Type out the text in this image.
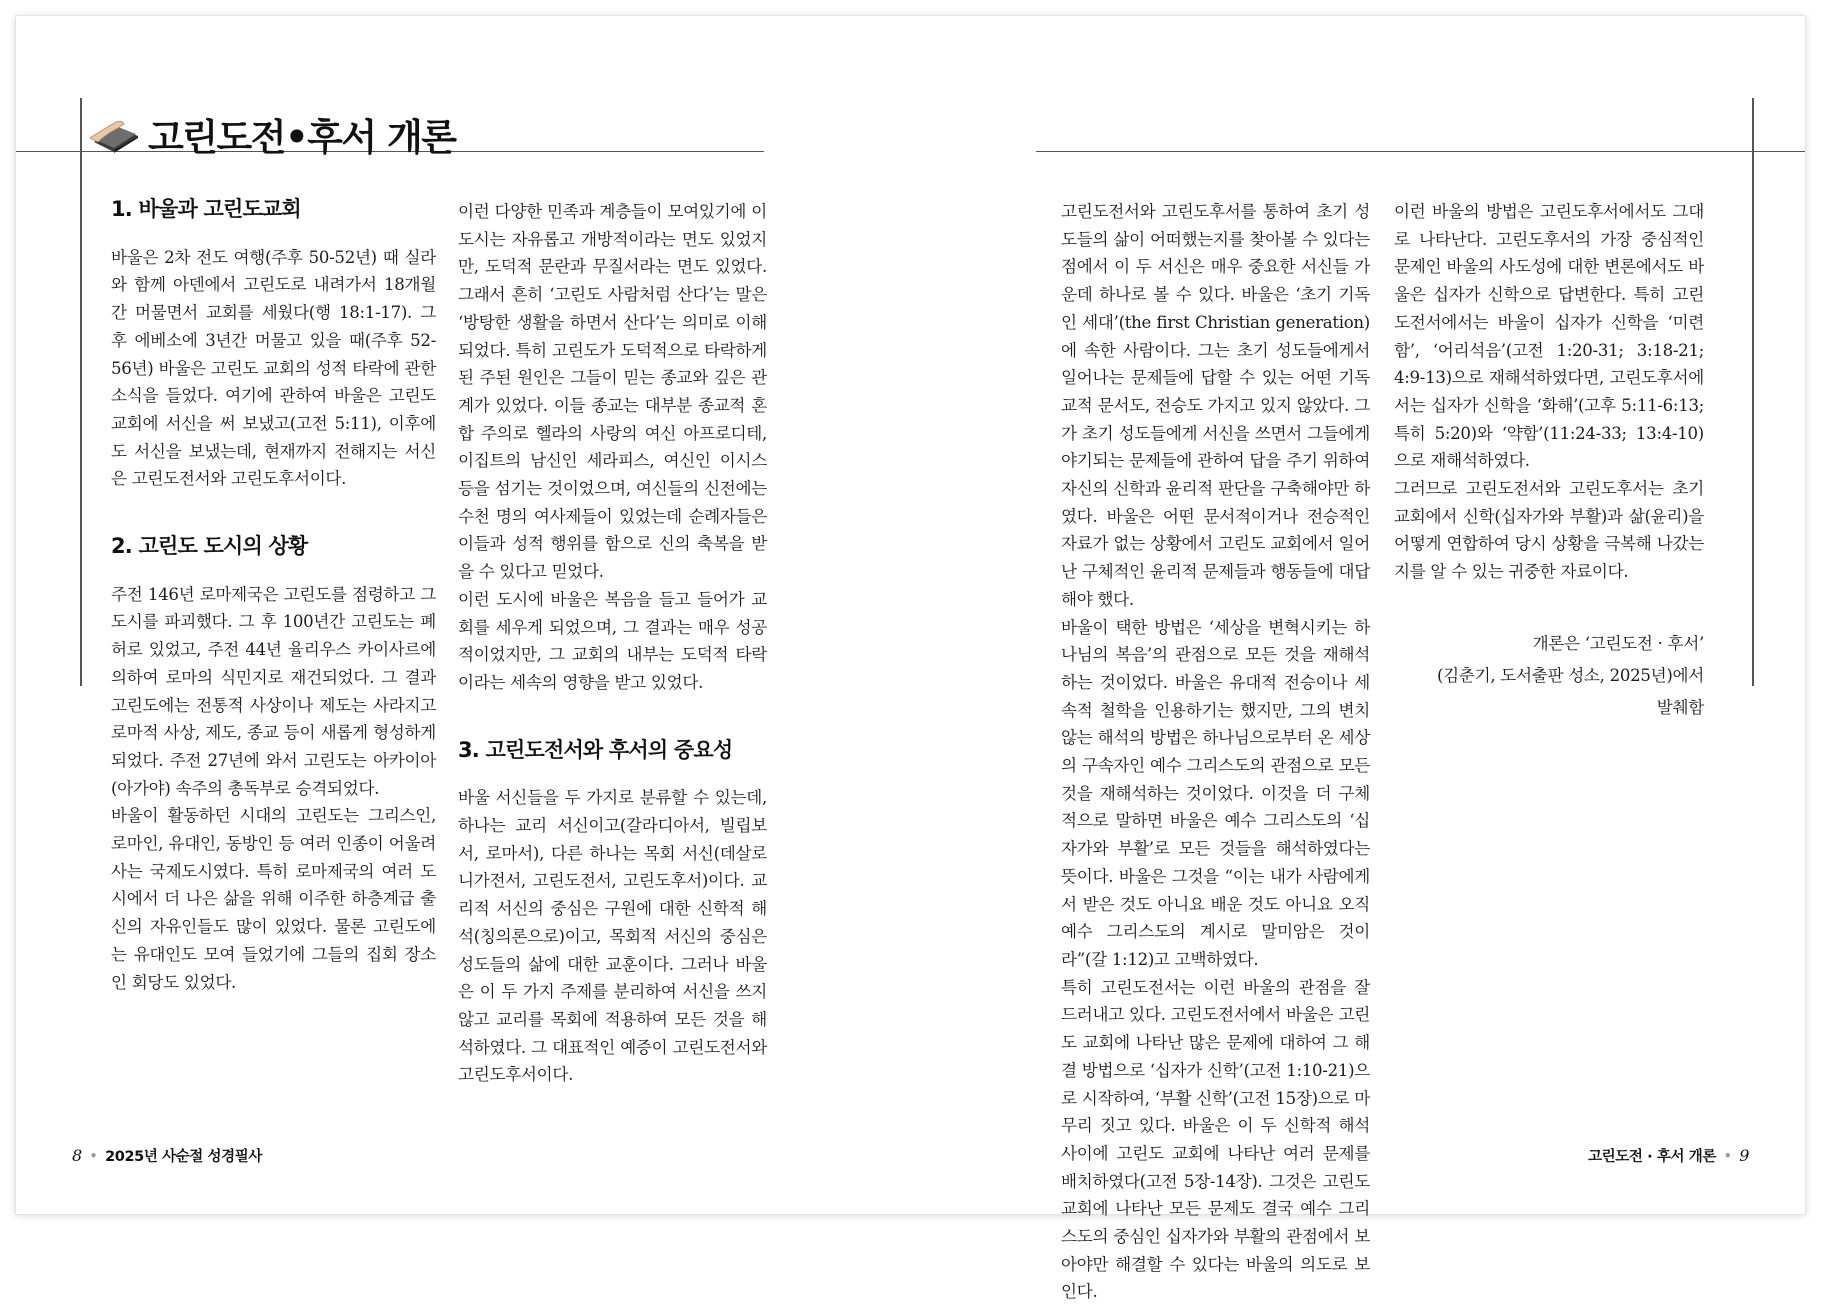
고린도전•후서 개론
1. 바울과 고린도교회

바울은 2차 전도 여행(주후 50-52년) 때 실라와 함께 아덴에서 고린도로 내려가서 18개월간 머물면서 교회를 세웠다(행 18:1-17). 그 후 에베소에 3년간 머물고 있을 때(주후 52-56년) 바울은 고린도 교회의 성적 타락에 관한 소식을 들었다. 여기에 관하여 바울은 고린도 교회에 서신을 써 보냈고(고전 5:11), 이후에도 서신을 보냈는데, 현재까지 전해지는 서신은 고린도전서와 고린도후서이다.

2. 고린도 도시의 상황

주전 146년 로마제국은 고린도를 점령하고 그 도시를 파괴했다. 그 후 100년간 고린도는 폐허로 있었고, 주전 44년 율리우스 카이사르에 의하여 로마의 식민지로 재건되었다. 그 결과 고린도에는 전통적 사상이나 제도는 사라지고 로마적 사상, 제도, 종교 등이 새롭게 형성하게 되었다. 주전 27년에 와서 고린도는 아카이아(아가야) 속주의 총독부로 승격되었다.

바울이 활동하던 시대의 고린도는 그리스인, 로마인, 유대인, 동방인 등 여러 인종이 어울려 사는 국제도시였다. 특히 로마제국의 여러 도시에서 더 나은 삶을 위해 이주한 하층계급 출신의 자유인들도 많이 있었다. 물론 고린도에는 유대인도 모여 들었기에 그들의 집회 장소인 회당도 있었다.

이런 다양한 민족과 계층들이 모여있기에 이 도시는 자유롭고 개방적이라는 면도 있었지만, 도덕적 문란과 무질서라는 면도 있었다. 그래서 흔히 ‘고린도 사람처럼 산다’는 말은 ‘방탕한 생활을 하면서 산다’는 의미로 이해되었다. 특히 고린도가 도덕적으로 타락하게 된 주된 원인은 그들이 믿는 종교와 깊은 관계가 있었다. 이들 종교는 대부분 종교적 혼합 주의로 헬라의 사랑의 여신 아프로디테, 이집트의 남신인 세라피스, 여신인 이시스 등을 섬기는 것이었으며, 여신들의 신전에는 수천 명의 여사제들이 있었는데 순례자들은 이들과 성적 행위를 함으로 신의 축복을 받을 수 있다고 믿었다.

이런 도시에 바울은 복음을 들고 들어가 교회를 세우게 되었으며, 그 결과는 매우 성공적이었지만, 그 교회의 내부는 도덕적 타락이라는 세속의 영향을 받고 있었다.

3. 고린도전서와 후서의 중요성

바울 서신들을 두 가지로 분류할 수 있는데, 하나는 교리 서신이고(갈라디아서, 빌립보서, 로마서), 다른 하나는 목회 서신(데살로니가전서, 고린도전서, 고린도후서)이다. 교리적 서신의 중심은 구원에 대한 신학적 해석(칭의론으로)이고, 목회적 서신의 중심은 성도들의 삶에 대한 교훈이다. 그러나 바울은 이 두 가지 주제를 분리하여 서신을 쓰지 않고 교리를 목회에 적용하여 모든 것을 해석하였다. 그 대표적인 예증이 고린도전서와 고린도후서이다.

8 • 2025년 사순절 성경필사

고린도전서와 고린도후서를 통하여 초기 성도들의 삶이 어떠했는지를 찾아볼 수 있다는 점에서 이 두 서신은 매우 중요한 서신들 가운데 하나로 볼 수 있다. 바울은 ‘초기 기독인 세대’(the first Christian generation)에 속한 사람이다. 그는 초기 성도들에게서 일어나는 문제들에 답할 수 있는 어떤 기독교적 문서도, 전승도 가지고 있지 않았다. 그가 초기 성도들에게 서신을 쓰면서 그들에게 야기되는 문제들에 관하여 답을 주기 위하여 자신의 신학과 윤리적 판단을 구축해야만 하였다. 바울은 어떤 문서적이거나 전승적인 자료가 없는 상황에서 고린도 교회에서 일어난 구체적인 윤리적 문제들과 행동들에 대답해야 했다.

바울이 택한 방법은 ‘세상을 변혁시키는 하나님의 복음’의 관점으로 모든 것을 재해석하는 것이었다. 바울은 유대적 전승이나 세속적 철학을 인용하기는 했지만, 그의 변치 않는 해석의 방법은 하나님으로부터 온 세상의 구속자인 예수 그리스도의 관점으로 모든 것을 재해석하는 것이었다. 이것을 더 구체적으로 말하면 바울은 예수 그리스도의 ‘십자가와 부활’로 모든 것들을 해석하였다는 뜻이다. 바울은 그것을 “이는 내가 사람에게서 받은 것도 아니요 배운 것도 아니요 오직 예수 그리스도의 계시로 말미암은 것이라”(갈 1:12)고 고백하였다.

특히 고린도전서는 이런 바울의 관점을 잘 드러내고 있다. 고린도전서에서 바울은 고린도 교회에 나타난 많은 문제에 대하여 그 해결 방법으로 ‘십자가 신학’(고전 1:10-21)으로 시작하여, ‘부활 신학’(고전 15장)으로 마무리 짓고 있다. 바울은 이 두 신학적 해석 사이에 고린도 교회에 나타난 여러 문제를 배치하였다(고전 5장-14장). 그것은 고린도 교회에 나타난 모든 문제도 결국 예수 그리스도의 중심인 십자가와 부활의 관점에서 보아야만 해결할 수 있다는 바울의 의도로 보인다.

이런 바울의 방법은 고린도후서에서도 그대로 나타난다. 고린도후서의 가장 중심적인 문제인 바울의 사도성에 대한 변론에서도 바울은 십자가 신학으로 답변한다. 특히 고린도전서에서는 바울이 십자가 신학을 ‘미련함’, ‘어리석음’(고전 1:20-31; 3:18-21; 4:9-13)으로 재해석하였다면, 고린도후서에서는 십자가 신학을 ‘화해’(고후 5:11-6:13; 특히 5:20)와 ‘약함’(11:24-33; 13:4-10)으로 재해석하였다.

그러므로 고린도전서와 고린도후서는 초기 교회에서 신학(십자가와 부활)과 삶(윤리)을 어떻게 연합하여 당시 상황을 극복해 나갔는지를 알 수 있는 귀중한 자료이다.

개론은 ‘고린도전 · 후서’
(김춘기, 도서출판 성소, 2025년)에서
발췌함
고린도전 · 후서 개론 • 9
